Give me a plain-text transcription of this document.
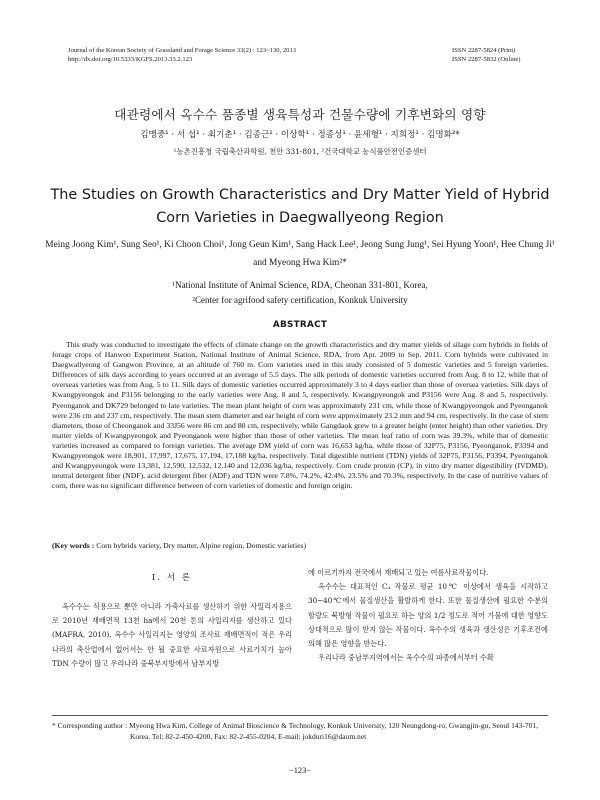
Journal of the Korean Society of Grassland and Forage Science 33(2) : 123~130, 2013
http://dx.doi.org/10.5333/KGFS.2013.33.2.123
ISSN 2287-5824 (Print)
ISSN 2287-5832 (Online)
대관령에서 옥수수 품종별 생육특성과 건물수량에 기후변화의 영향
김맹중¹ · 서 섭¹ · 최기춘¹ · 김종근¹ · 이상학¹ · 정종성¹ · 윤세형¹ · 지희정¹ · 김명화²*
¹농촌진흥청 국립축산과학원, 천안 331-801, ²건국대학교 농식품안전인증센터
The Studies on Growth Characteristics and Dry Matter Yield of Hybrid Corn Varieties in Daegwallyeong Region
Meing Joong Kim¹, Sung Seo¹, Ki Choon Choi¹, Jong Geun Kim¹, Sang Hack Lee¹, Jeong Sung Jung¹, Sei Hyung Yoon¹, Hee Chung Ji¹ and Myeong Hwa Kim²*
¹National Institute of Animal Science, RDA, Cheonan 331-801, Korea,
²Center for agrifood safety certification, Konkuk University
ABSTRACT
This study was conducted to investigate the effects of climate change on the growth characteristics and dry matter yields of silage corn hybrids in fields of forage crops of Hanwoo Experiment Station, National Institute of Animal Science, RDA, from Apr. 2009 to Sep. 2011. Corn hybrids were cultivated in Daegwallyeong of Gangwon Province, at an altitude of 760 m. Corn varieties used in this study consisted of 5 domestic varieties and 5 foreign varieties. Differences of silk days according to years occurred at an average of 5.5 days. The silk periods of domestic varieties occurred from Aug. 8 to 12, while that of overseas varieties was from Aug. 5 to 11. Silk days of domestic varieties occurred approximately 3 to 4 days earlier than those of oversea varieties. Silk days of Kwangpyeongok and P3156 belonging to the early varieties were Aug. 8 and 5, respectively. Kwangpyeongok and P3156 were Aug. 8 and 5, respectively. Pyeonganok and DK729 belonged to late varieties. The mean plant height of corn was approximately 231 cm, while those of Kwangpyeongok and Pyeonganok were 236 cm and 237 cm, respectively. The mean stem diameter and ear height of corn were approximately 23.2 mm and 94 cm, respectively. In the case of stem diameters, those of Cheonganok and 33J56 were 86 cm and 80 cm, respectively, while Gangdaok grew to a greater height (enter height) than other varieties. Dry matter yields of Kwangpyeongok and Pyeonganok were higher than those of other varieties. The mean leaf ratio of corn was 39.3%, while that of domestic varieties increased as compared to foreign varieties. The average DM yield of corn was 16,653 kg/ha, while those of 32P75, P3156, Pyeonganok, P3394 and Kwangpyeongok were 18,901, 17,997, 17,675, 17,194, 17,188 kg/ha, respectively. Total digestible nutrient (TDN) yields of 32P75, P3156, P3394, Pyeonganok and Kwangpyeongok were 13,381, 12,590, 12,532, 12,140 and 12,036 kg/ha, respectively. Corn crude protein (CP), in vitro dry matter digestibility (IVDMD), neutral detergent fiber (NDF), acid detergent fiber (ADF) and TDN were 7.8%, 74.2%, 42.4%, 23.5% and 70.3%, respectively. In the case of nutritive values of corn, there was no significant difference between of corn varieties of domestic and foreign origin.
(Key words : Corn hybrids variety, Dry matter, Alpine region, Domestic varieties)
I. 서 론

옥수수는 식용으로 뿐만 아니라 가축사료를 생산하기 위한 사일리지용으로 2010년 재배면적 13천 ha에서 20천 톤의 사일리지를 생산하고 있다 (MAFRA, 2010). 옥수수 사일리지는 영양의 조사료 재배면적이 적은 우리나라의 축산업에서 없어서는 안 될 중요한 사료자원으로 사료가치가 높아 TDN 수량이 많고 우리나라 중북부지방에서 남부지방

에 이르기까지 전국에서 재배되고 있는 여름사료작물이다.

옥수수는 대표적인 C₄ 작물로 평균 10℃ 이상에서 생육을 시작하고 30~40℃에서 물질생산을 활발하게 한다. 또한 물질생산에 필요한 수분의 함량도 북방형 작물이 필요로 하는 양의 1/2 정도로 적어 가뭄에 대한 영향도 상대적으로 많이 받지 않는 작물이다. 옥수수의 생육과 생산성은 기후조건에 의해 많은 영향을 받는다.

우리나라 중남부지역에서는 옥수수의 파종에서부터 수확

* Corresponding author : Myeong Hwa Kim, College of Animal Bioscience & Technology, Konkuk University, 120 Neungdong-ro, Gwangjin-gu, Seoul 143-701, Korea. Tel: 82-2-450-4200, Fax: 82-2-455-0204, E-mail: jokduri16@daum.net
−123−
